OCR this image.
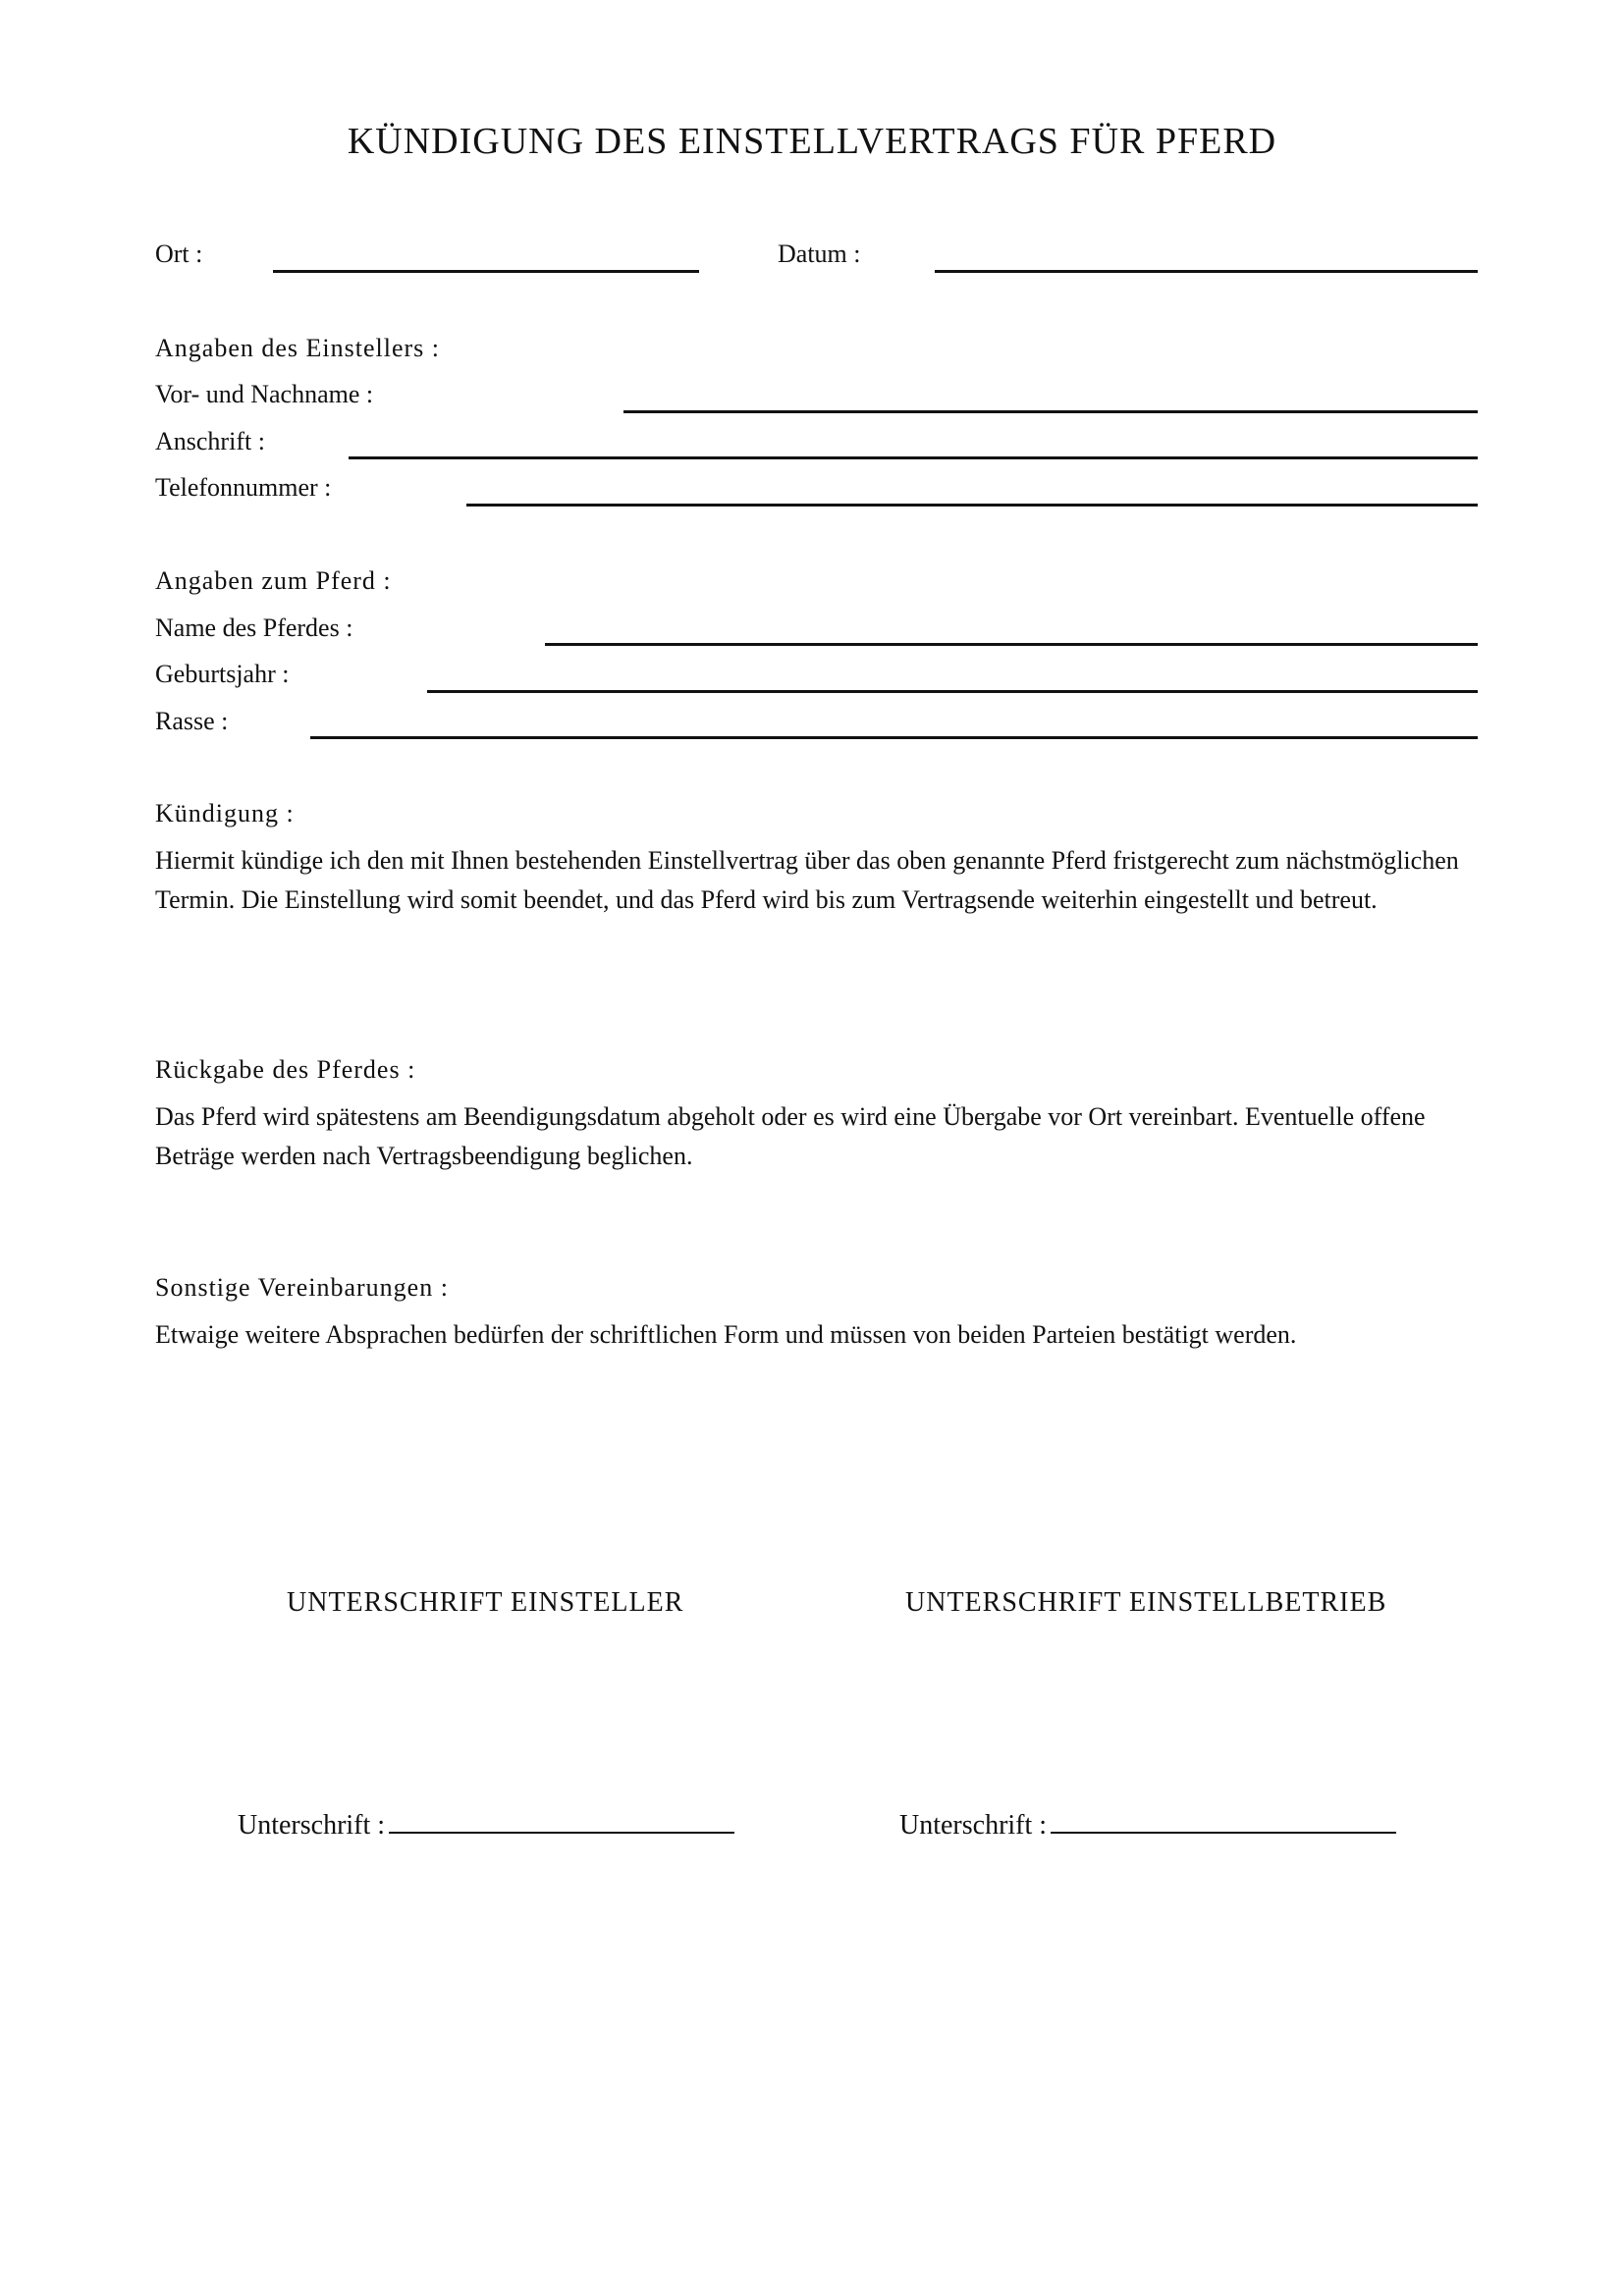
KÜNDIGUNG DES EINSTELLVERTRAGS FÜR PFERD
Ort :	Datum :
Angaben des Einstellers :
Vor- und Nachname :
Anschrift :
Telefonnummer :
Angaben zum Pferd :
Name des Pferdes :
Geburtsjahr :
Rasse :
Kündigung :
Hiermit kündige ich den mit Ihnen bestehenden Einstellvertrag über das oben genannte Pferd fristgerecht zum nächstmöglichen Termin. Die Einstellung wird somit beendet, und das Pferd wird bis zum Vertragsende weiterhin eingestellt und betreut.
Rückgabe des Pferdes :
Das Pferd wird spätestens am Beendigungsdatum abgeholt oder es wird eine Übergabe vor Ort vereinbart. Eventuelle offene Beträge werden nach Vertragsbeendigung beglichen.
Sonstige Vereinbarungen :
Etwaige weitere Absprachen bedürfen der schriftlichen Form und müssen von beiden Parteien bestätigt werden.
UNTERSCHRIFT EINSTELLER	UNTERSCHRIFT EINSTELLBETRIEB
Unterschrift :	Unterschrift :
